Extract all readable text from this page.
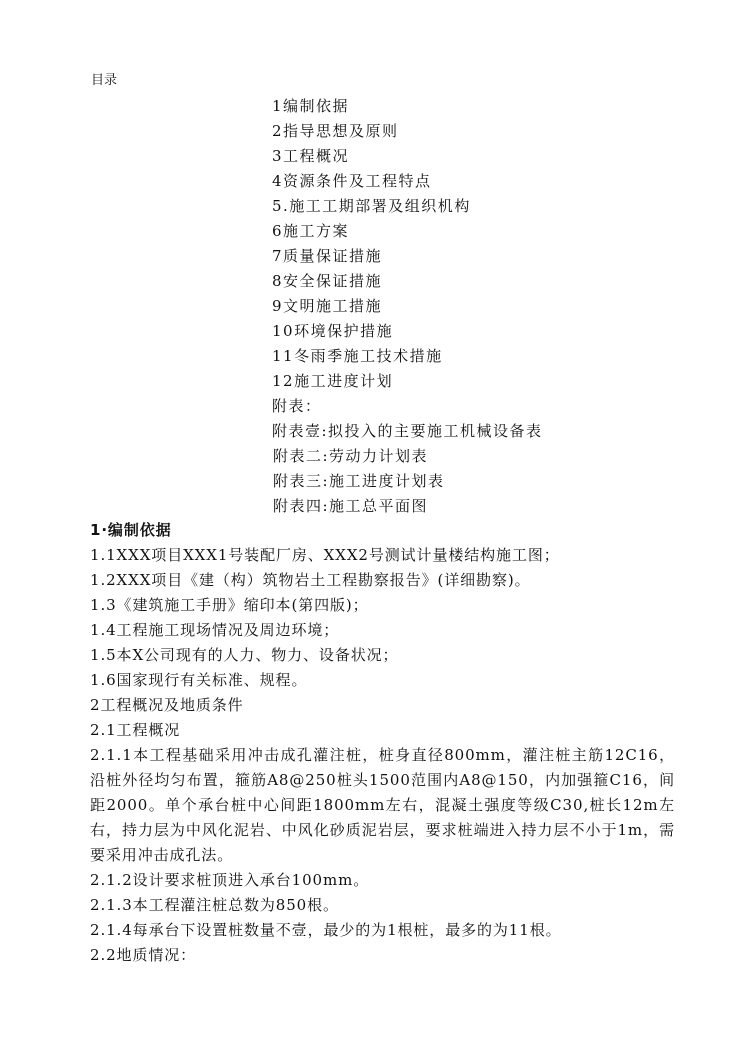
目录
1编制依据
2指导思想及原则
3工程概况
4资源条件及工程特点
5.施工工期部署及组织机构
6施工方案
7质量保证措施
8安全保证措施
9文明施工措施
10环境保护措施
11冬雨季施工技术措施
12施工进度计划
附表：
附表壹:拟投入的主要施工机械设备表
附表二:劳动力计划表
附表三:施工进度计划表
附表四:施工总平面图

1·编制依据

1.1XXX项目XXX1号装配厂房、XXX2号测试计量楼结构施工图；

1.2XXX项目《建（构）筑物岩土工程勘察报告》(详细勘察)。

1.3《建筑施工手册》缩印本(第四版)；

1.4工程施工现场情况及周边环境；

1.5本X公司现有的人力、物力、设备状况；

1.6国家现行有关标准、规程。

2工程概况及地质条件

2.1工程概况

2.1.1本工程基础采用冲击成孔灌注桩，桩身直径800mm，灌注桩主筋12C16，沿桩外径均匀布置，箍筋A8@250桩头1500范围内A8@150，内加强箍C16，间距2000。单个承台桩中心间距1800mm左右，混凝土强度等级C30,桩长12m左右，持力层为中风化泥岩、中风化砂质泥岩层，要求桩端进入持力层不小于1m，需要采用冲击成孔法。

2.1.2设计要求桩顶进入承台100mm。

2.1.3本工程灌注桩总数为850根。

2.1.4每承台下设置桩数量不壹，最少的为1根桩，最多的为11根。

2.2地质情况：
